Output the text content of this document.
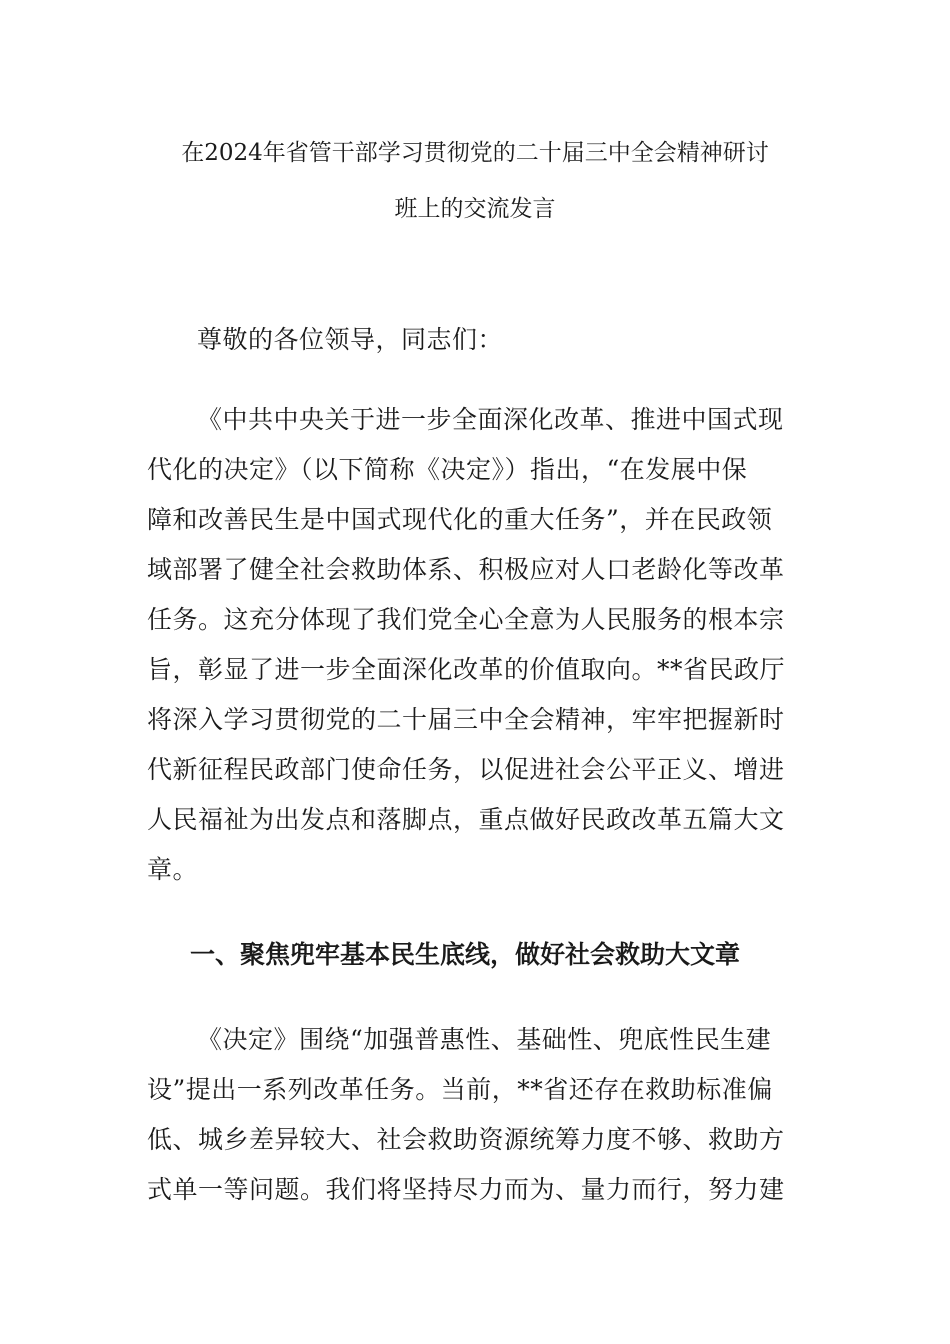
在2024年省管干部学习贯彻党的二十届三中全会精神研讨
班上的交流发言

尊敬的各位领导，同志们：

《中共中央关于进一步全面深化改革、推进中国式现
代化的决定》（以下简称《决定》）指出，“在发展中保
障和改善民生是中国式现代化的重大任务”，并在民政领
域部署了健全社会救助体系、积极应对人口老龄化等改革
任务。这充分体现了我们党全心全意为人民服务的根本宗
旨，彰显了进一步全面深化改革的价值取向。**省民政厅
将深入学习贯彻党的二十届三中全会精神，牢牢把握新时
代新征程民政部门使命任务，以促进社会公平正义、增进
人民福祉为出发点和落脚点，重点做好民政改革五篇大文
章。

一、聚焦兜牢基本民生底线，做好社会救助大文章

《决定》围绕“加强普惠性、基础性、兜底性民生建
设”提出一系列改革任务。当前，**省还存在救助标准偏
低、城乡差异较大、社会救助资源统筹力度不够、救助方
式单一等问题。我们将坚持尽力而为、量力而行，努力建
